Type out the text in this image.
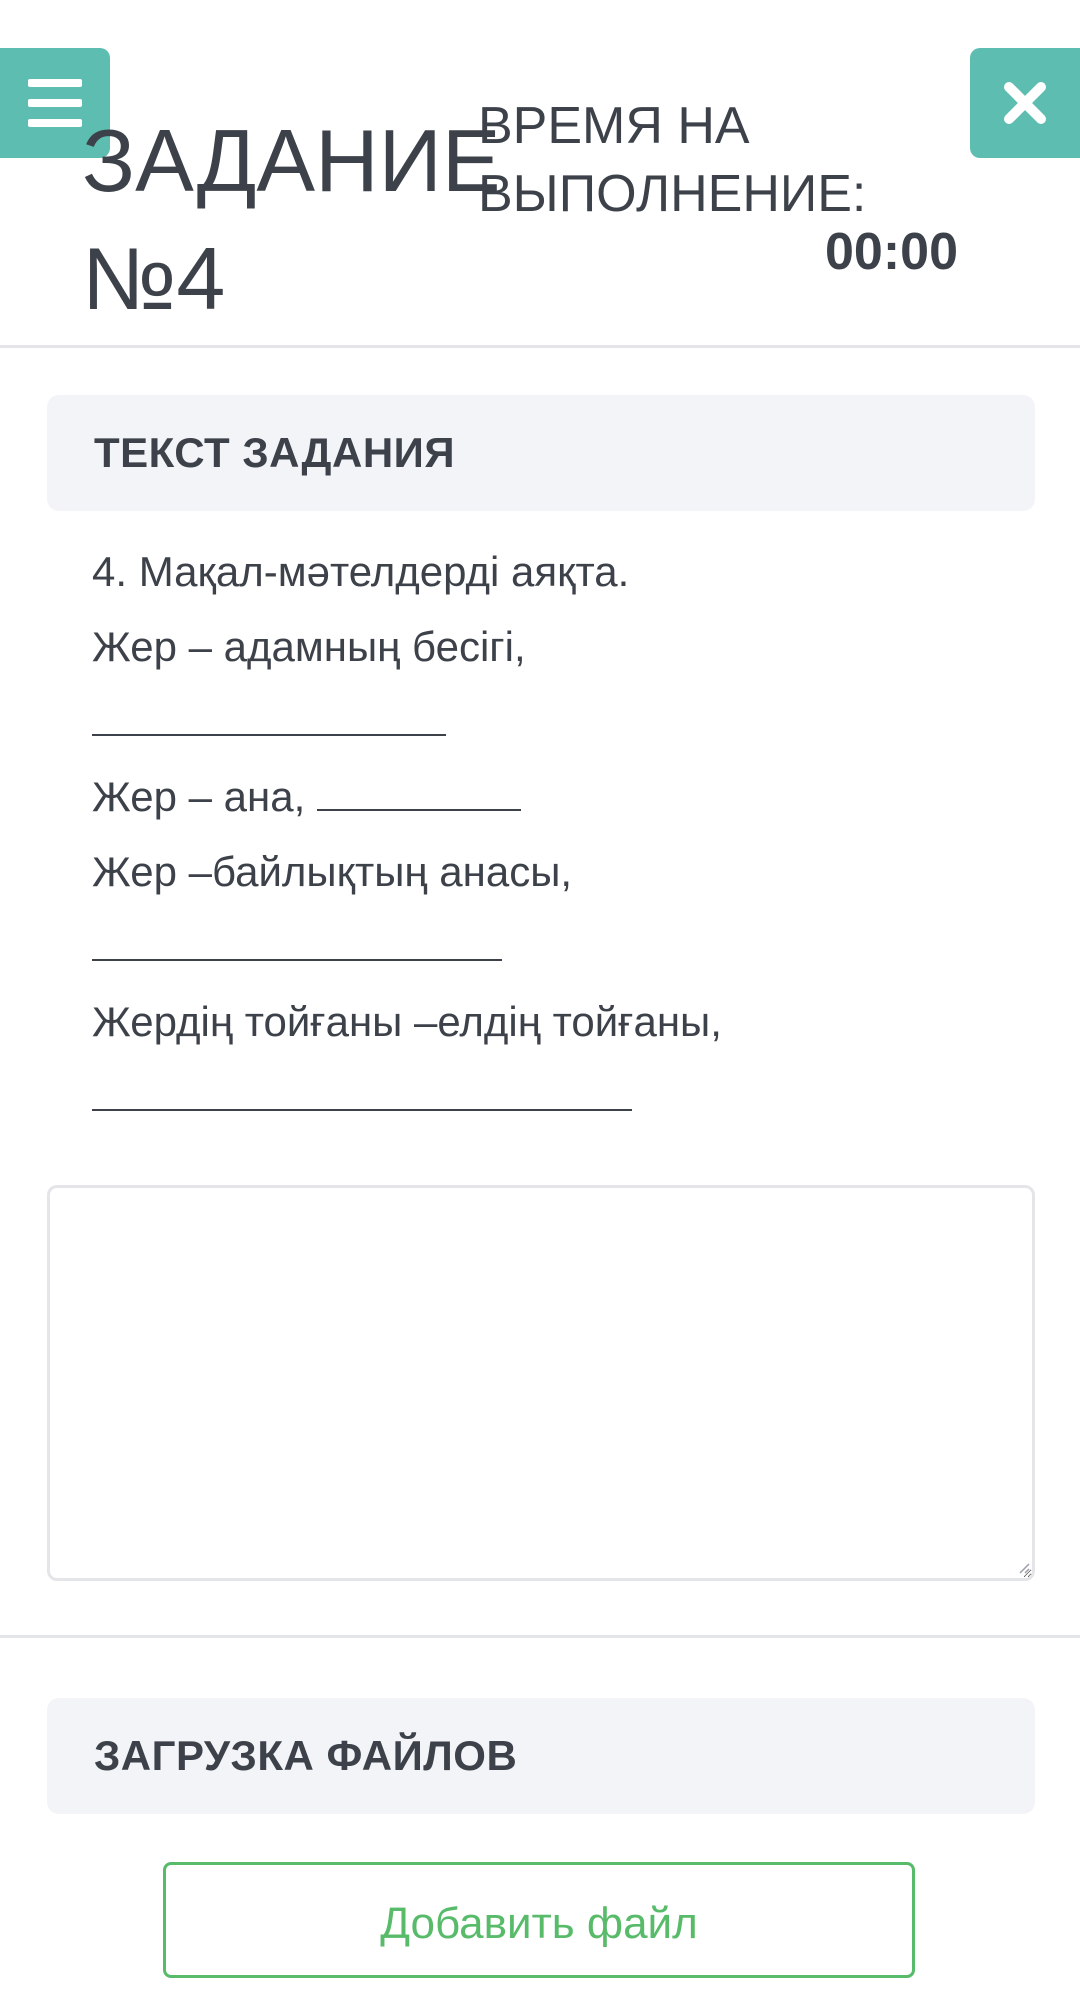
ЗАДАНИЕ
№4
ВРЕМЯ НА
ВЫПОЛНЕНИЕ:
00:00
ТЕКСТ ЗАДАНИЯ
4. Мақал-мәтелдерді аяқта.
Жер – адамның бесігі,
Жер – ана,
Жер –байлықтың анасы,
Жердің тойғаны –елдің тойғаны,
ЗАГРУЗКА ФАЙЛОВ
Добавить файл
